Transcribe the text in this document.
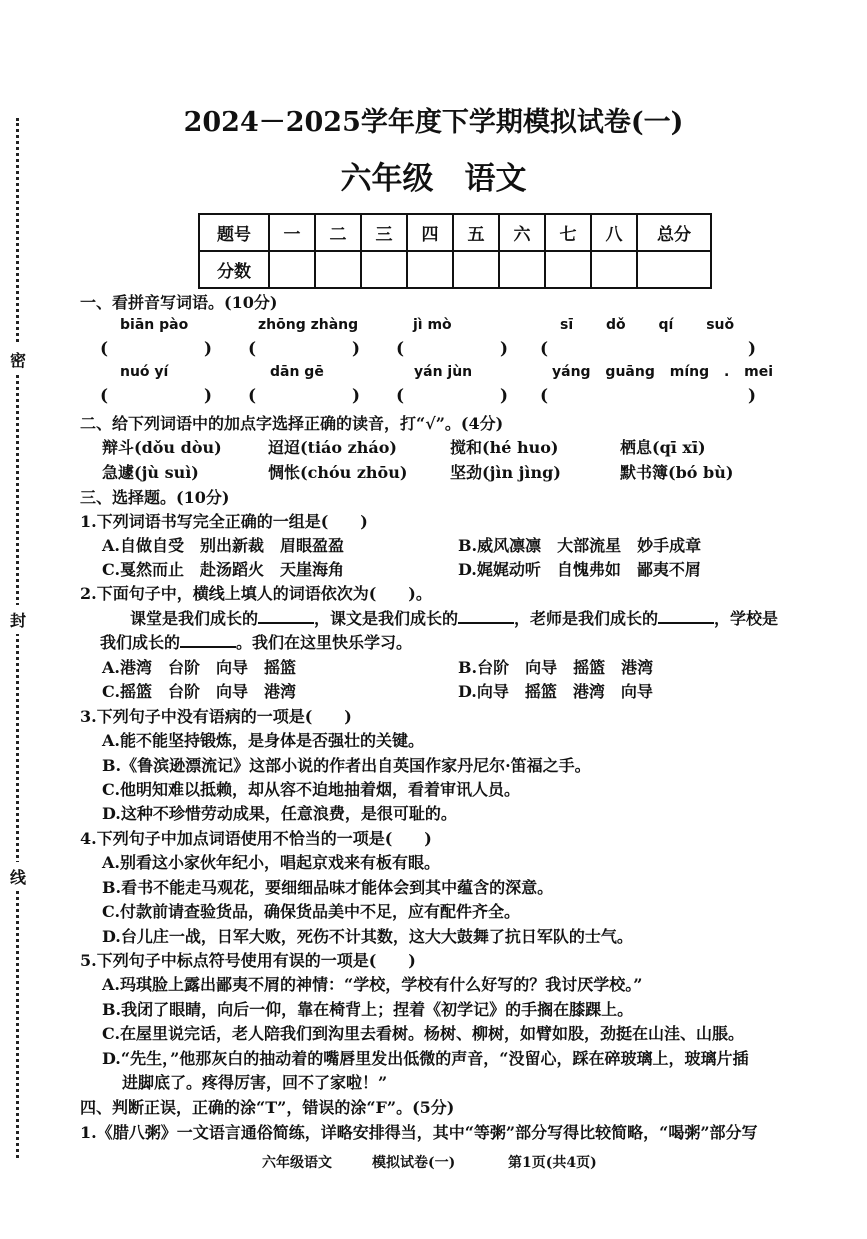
密
封
线
2024－2025学年度下学期模拟试卷(一)
六年级　语文
题号	一	二	三	四	五	六	七	八	总分
分数									
一、看拼音写词语。(10分)
biān pào	zhōng zhàng	jì mò	sī dǒ qí suǒ
(	) (	) (	) (	)
nuó yí	dān gē	yán jùn	yáng guāng míng . mei
(	) (	) (	) (	)
二、给下列词语中的加点字选择正确的读音，打“√”。(4分)
辩斗(dǒu dòu)	迢迢(tiáo zháo)	搅和(hé huo)	栖息(qī xī)
急遽(jù suì)	惆怅(chóu zhōu)	坚劲(jìn jìng)	默书簿(bó bù)
三、选择题。(10分)
1.下列词语书写完全正确的一组是(　　)
A.自做自受　别出新裁　眉眼盈盈	B.威风凛凛　大部流星　妙手成章
C.戛然而止　赴汤蹈火　天崖海角	D.娓娓动听　自愧弗如　鄙夷不屑
2.下面句子中，横线上填人的词语依次为(　　)。
课堂是我们成长的	，课文是我们成长的	，老师是我们成长的	，学校是
我们成长的	。我们在这里快乐学习。
A.港湾　台阶　向导　摇篮	B.台阶　向导　摇篮　港湾
C.摇篮　台阶　向导　港湾	D.向导　摇篮　港湾　向导
3.下列句子中没有语病的一项是(　　)
A.能不能坚持锻炼，是身体是否强壮的关键。
B.《鲁滨逊漂流记》这部小说的作者出自英国作家丹尼尔·笛福之手。
C.他明知难以抵赖，却从容不迫地抽着烟，看着审讯人员。
D.这种不珍惜劳动成果，任意浪费，是很可耻的。
4.下列句子中加点词语使用不恰当的一项是(　　)
A.别看这小家伙年纪小，唱起京戏来有板有眼。
B.看书不能走马观花，要细细品味才能体会到其中蕴含的深意。
C.付款前请查验货品，确保货品美中不足，应有配件齐全。
D.台儿庄一战，日军大败，死伤不计其数，这大大鼓舞了抗日军队的士气。
5.下列句子中标点符号使用有误的一项是(　　)
A.玛琪脸上露出鄙夷不屑的神情：“学校，学校有什么好写的？我讨厌学校。”
B.我闭了眼睛，向后一仰，靠在椅背上；捏着《初学记》的手搁在膝踝上。
C.在屋里说完话，老人陪我们到沟里去看树。杨树、柳树，如臂如股，劲挺在山洼、山脹。
D.“先生，”他那灰白的抽动着的嘴唇里发出低微的声音，“没留心，踩在碎玻璃上，玻璃片插
进脚底了。疼得厉害，回不了家啦！”
四、判断正误，正确的涂“T”，错误的涂“F”。(5分)
1.《腊八粥》一文语言通俗简练，详略安排得当，其中“等粥”部分写得比较简略，“喝粥”部分写
六年级语文	模拟试卷(一)	第1页(共4页)
